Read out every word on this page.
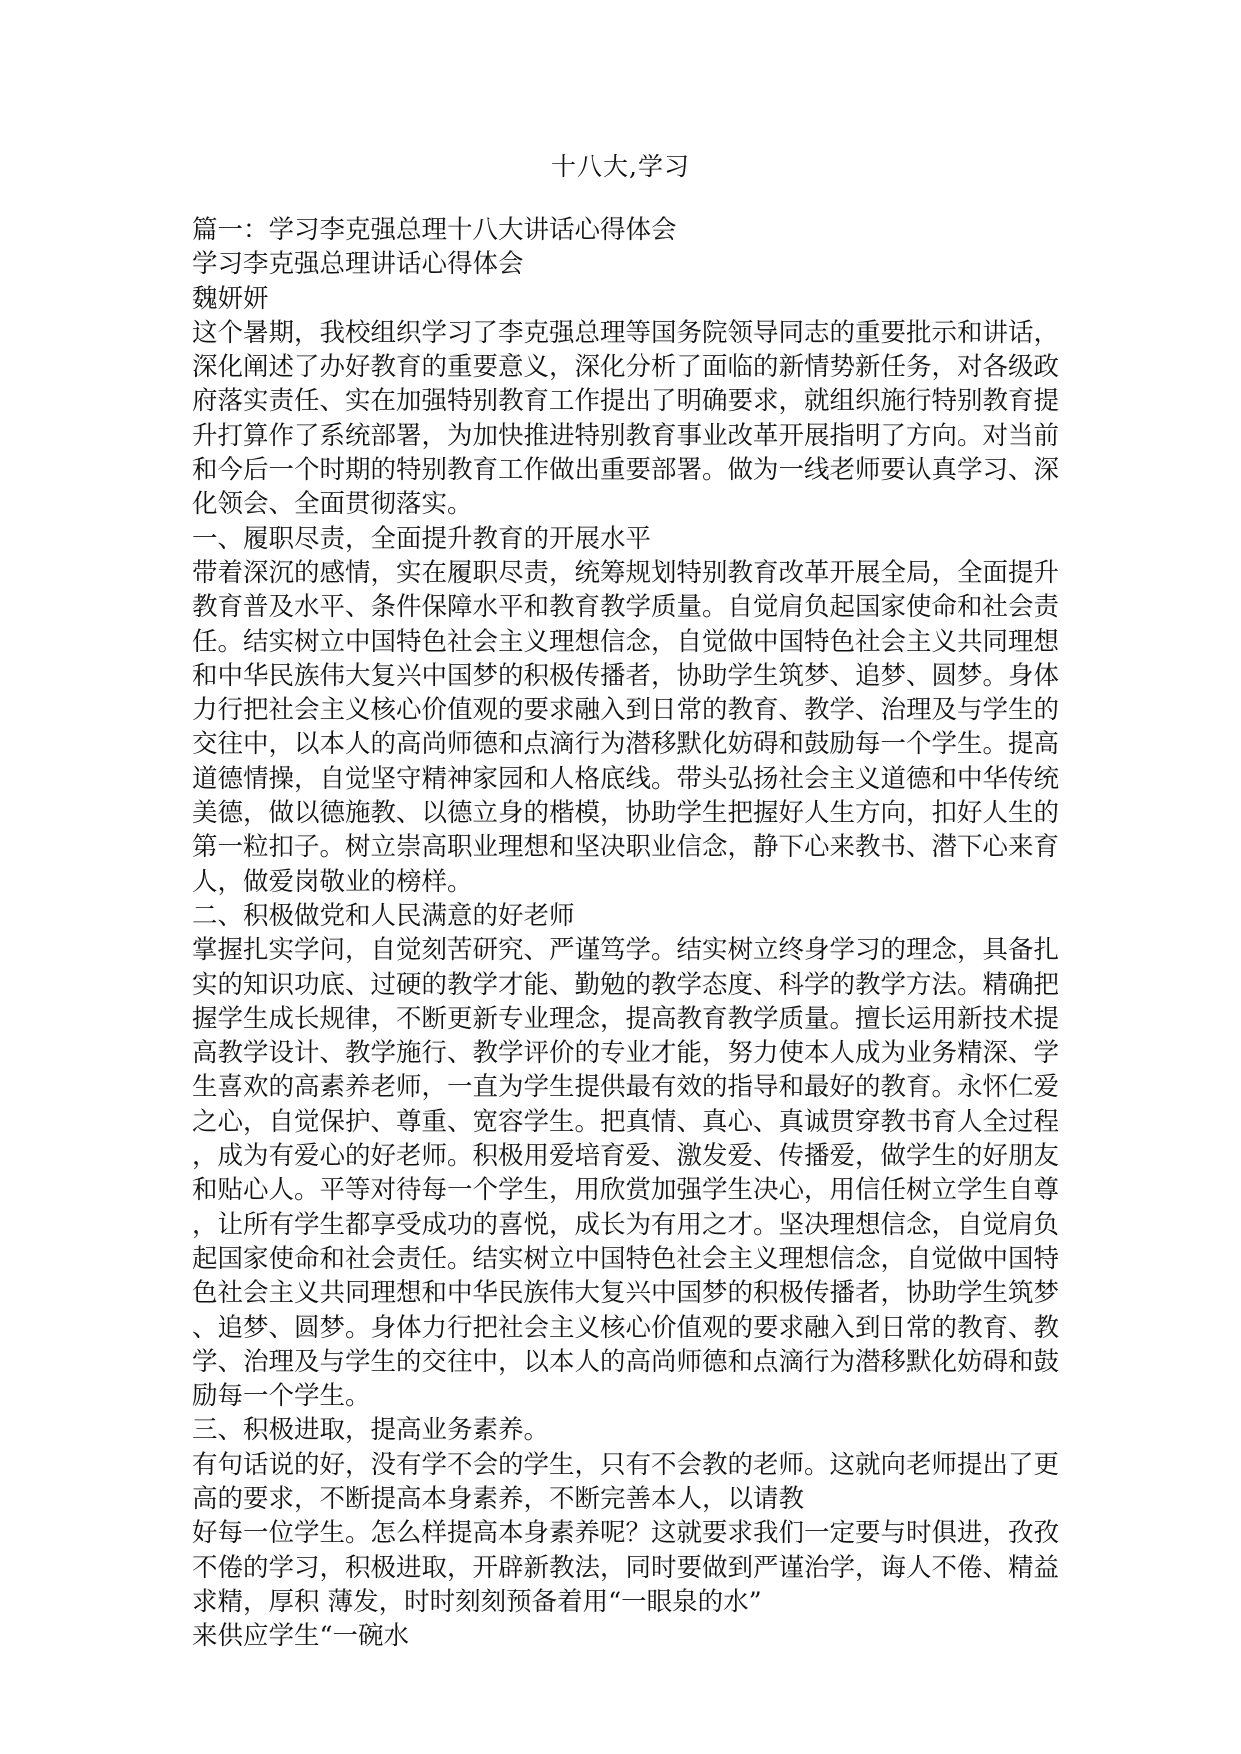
十八大,学习
篇一：学习李克强总理十八大讲话心得体会
学习李克强总理讲话心得体会
魏妍妍
这个暑期，我校组织学习了李克强总理等国务院领导同志的重要批示和讲话，
深化阐述了办好教育的重要意义，深化分析了面临的新情势新任务，对各级政
府落实责任、实在加强特别教育工作提出了明确要求，就组织施行特别教育提
升打算作了系统部署，为加快推进特别教育事业改革开展指明了方向。对当前
和今后一个时期的特别教育工作做出重要部署。做为一线老师要认真学习、深
化领会、全面贯彻落实。
一、履职尽责，全面提升教育的开展水平
带着深沉的感情，实在履职尽责，统筹规划特别教育改革开展全局，全面提升
教育普及水平、条件保障水平和教育教学质量。自觉肩负起国家使命和社会责
任。结实树立中国特色社会主义理想信念，自觉做中国特色社会主义共同理想
和中华民族伟大复兴中国梦的积极传播者，协助学生筑梦、追梦、圆梦。身体
力行把社会主义核心价值观的要求融入到日常的教育、教学、治理及与学生的
交往中，以本人的高尚师德和点滴行为潜移默化妨碍和鼓励每一个学生。提高
道德情操，自觉坚守精神家园和人格底线。带头弘扬社会主义道德和中华传统
美德，做以德施教、以德立身的楷模，协助学生把握好人生方向，扣好人生的
第一粒扣子。树立崇高职业理想和坚决职业信念，静下心来教书、潜下心来育
人，做爱岗敬业的榜样。
二、积极做党和人民满意的好老师
掌握扎实学问，自觉刻苦研究、严谨笃学。结实树立终身学习的理念，具备扎
实的知识功底、过硬的教学才能、勤勉的教学态度、科学的教学方法。精确把
握学生成长规律，不断更新专业理念，提高教育教学质量。擅长运用新技术提
高教学设计、教学施行、教学评价的专业才能，努力使本人成为业务精深、学
生喜欢的高素养老师，一直为学生提供最有效的指导和最好的教育。永怀仁爱
之心，自觉保护、尊重、宽容学生。把真情、真心、真诚贯穿教书育人全过程
，成为有爱心的好老师。积极用爱培育爱、激发爱、传播爱，做学生的好朋友
和贴心人。平等对待每一个学生，用欣赏加强学生决心，用信任树立学生自尊
，让所有学生都享受成功的喜悦，成长为有用之才。坚决理想信念，自觉肩负
起国家使命和社会责任。结实树立中国特色社会主义理想信念，自觉做中国特
色社会主义共同理想和中华民族伟大复兴中国梦的积极传播者，协助学生筑梦
、追梦、圆梦。身体力行把社会主义核心价值观的要求融入到日常的教育、教
学、治理及与学生的交往中，以本人的高尚师德和点滴行为潜移默化妨碍和鼓
励每一个学生。
三、积极进取，提高业务素养。
有句话说的好，没有学不会的学生，只有不会教的老师。这就向老师提出了更
高的要求，不断提高本身素养，不断完善本人，以请教
好每一位学生。怎么样提高本身素养呢？这就要求我们一定要与时俱进，孜孜
不倦的学习，积极进取，开辟新教法，同时要做到严谨治学，诲人不倦、精益
求精，厚积 薄发，时时刻刻预备着用“一眼泉的水”
来供应学生“一碗水
